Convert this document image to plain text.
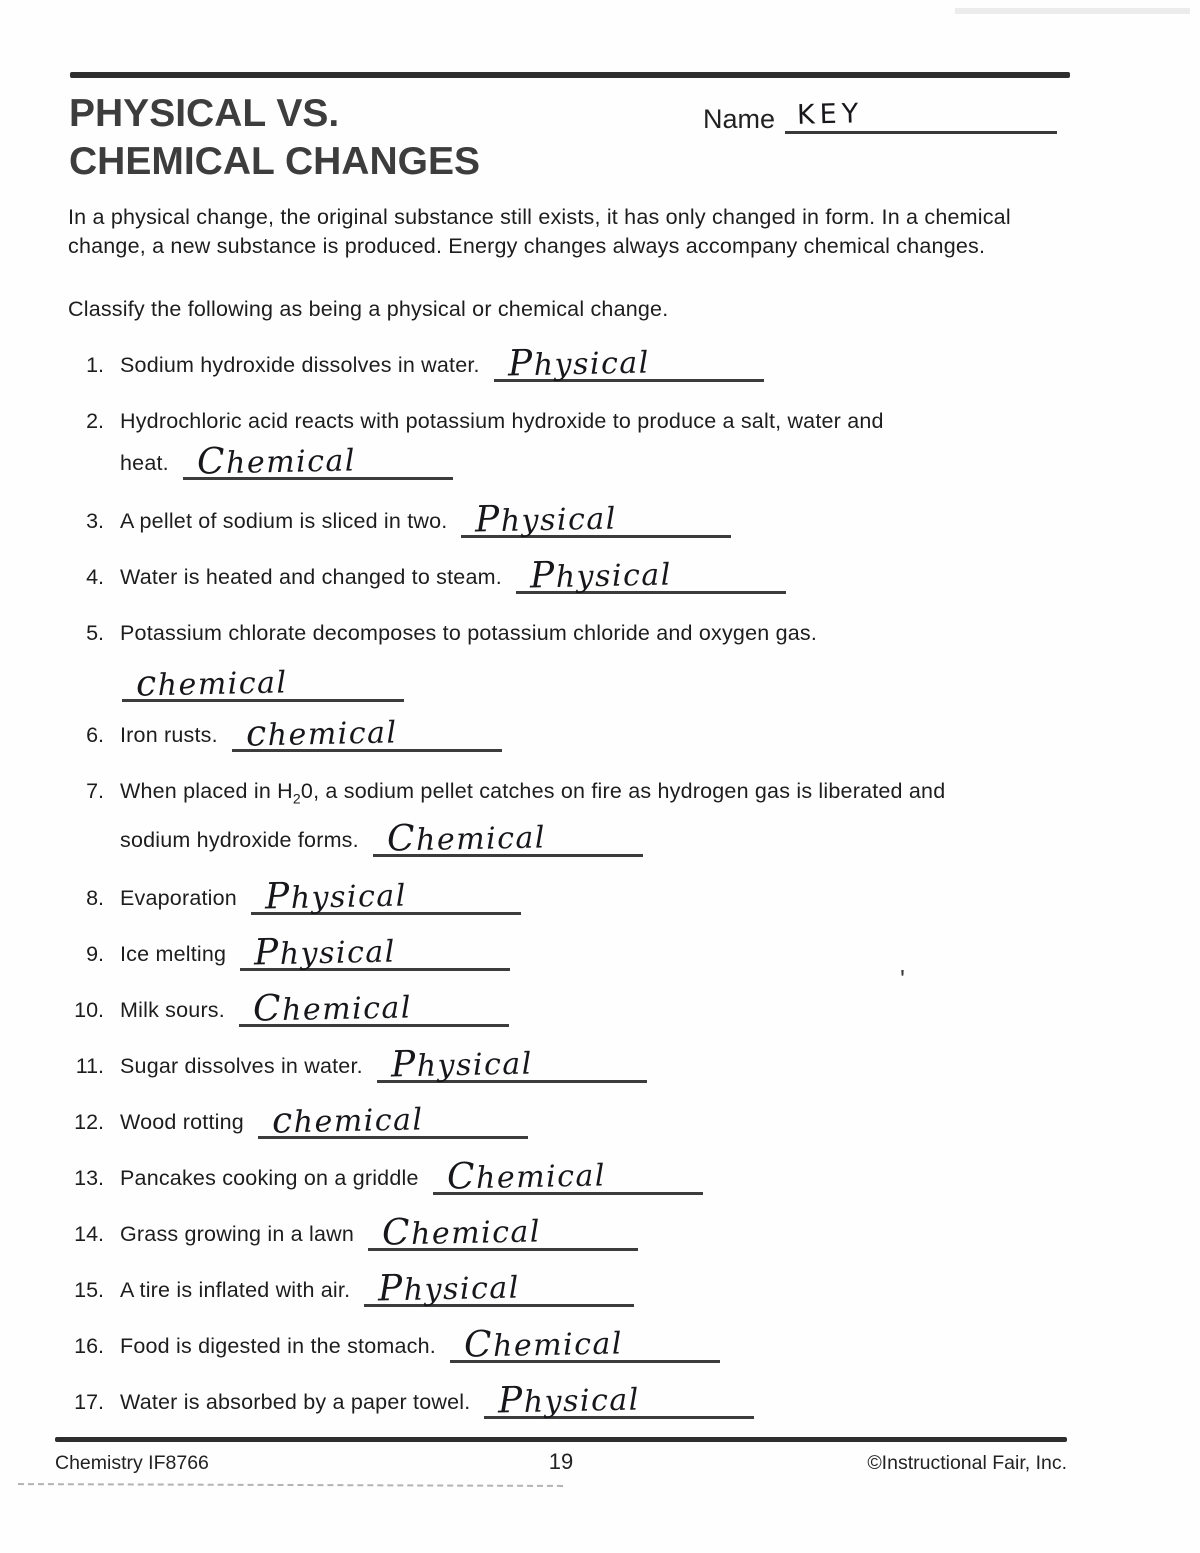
PHYSICAL VS.
CHEMICAL CHANGES
Name KEY

In a physical change, the original substance still exists, it has only changed in form. In a chemical change, a new substance is produced. Energy changes always accompany chemical changes.

Classify the following as being a physical or chemical change.

1. Sodium hydroxide dissolves in water. Physical
2. Hydrochloric acid reacts with potassium hydroxide to produce a salt, water and
heat. Chemical
3. A pellet of sodium is sliced in two. Physical
4. Water is heated and changed to steam. Physical
5. Potassium chlorate decomposes to potassium chloride and oxygen gas.
chemical
6. Iron rusts. chemical
7. When placed in $H_20$, a sodium pellet catches on fire as hydrogen gas is liberated and
sodium hydroxide forms. Chemical
8. Evaporation Physical
9. Ice melting Physical
10. Milk sours. Chemical
11. Sugar dissolves in water. Physical
12. Wood rotting chemical
13. Pancakes cooking on a griddle Chemical
14. Grass growing in a lawn Chemical
15. A tire is inflated with air. Physical
16. Food is digested in the stomach. Chemical
17. Water is absorbed by a paper towel. Physical
'
Chemistry IF8766	19	©Instructional Fair, Inc.
